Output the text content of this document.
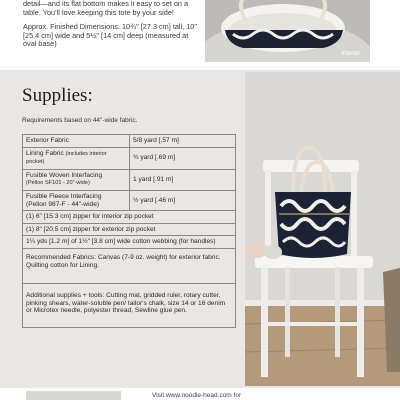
detail—and its flat bottom makes it easy to set on a table. You’ll love keeping this tote by your side!

Approx. Finished Dimensions: 10¾" [27.3 cm] tall, 10" [25.4 cm] wide and 5½" [14 cm] deep (measured at oval base)

Interior
Supplies:
Requirements based on 44"-wide fabric.
Exterior Fabric	5/8 yard [.57 m]
Lining Fabric (includes interior pocket)	¾ yard [.69 m]
Fusible Woven Interfacing
(Pellon SF101 - 20"-wide)	1 yard [.91 m]
Fusible Fleece Interfacing
(Pellon 987-F - 44"-wide)	½ yard [.46 m]
(1) 6" [15.3 cm] zipper for interior zip pocket	
(1) 8" [20.5 cm] zipper for exterior zip pocket	
1¼ yds [1.2 m] of 1½" [3.8 cm] wide cotton webbing (for handles)	
Recommended Fabrics: Canvas (7-9 oz. weight) for exterior fabric. Quilting cotton for Lining.	
Additional supplies + tools: Cutting mat, gridded ruler, rotary cutter, pinking shears, water-soluble pen/ tailor's chalk, size 14 or 16 denim or Microtex needle, polyester thread, Sewline glue pen.	
Visit www.noodle-head.com for
